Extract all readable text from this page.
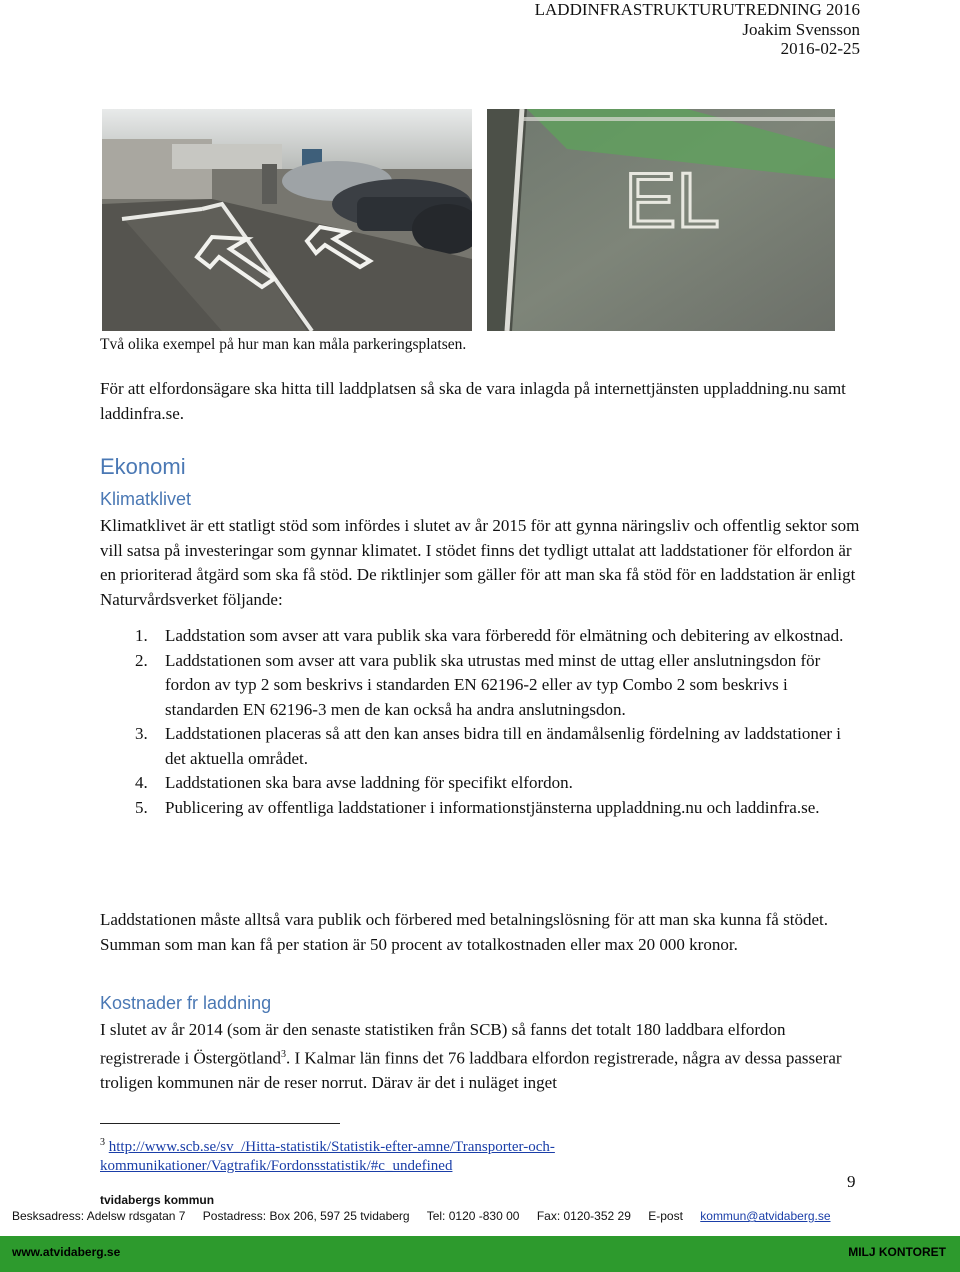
LADDINFRASTRUKTURUTREDNING 2016
Joakim Svensson
2016-02-25
EL
Två olika exempel på hur man kan måla parkeringsplatsen.

För att elfordonsägare ska hitta till laddplatsen så ska de vara inlagda på internettjänsten uppladdning.nu samt laddinfra.se.

Ekonomi
Klimatklivet

Klimatklivet är ett statligt stöd som infördes i slutet av år 2015 för att gynna näringsliv och offentlig sektor som vill satsa på investeringar som gynnar klimatet. I stödet finns det tydligt uttalat att laddstationer för elfordon är en prioriterad åtgärd som ska få stöd. De riktlinjer som gäller för att man ska få stöd för en laddstation är enligt Naturvårdsverket följande:

1. Laddstation som avser att vara publik ska vara förberedd för elmätning och debitering av elkostnad.
2. Laddstationen som avser att vara publik ska utrustas med minst de uttag eller anslutningsdon för fordon av typ 2 som beskrivs i standarden EN 62196-2 eller av typ Combo 2 som beskrivs i standarden EN 62196-3 men de kan också ha andra anslutningsdon.
3. Laddstationen placeras så att den kan anses bidra till en ändamålsenlig fördelning av laddstationer i det aktuella området.
4. Laddstationen ska bara avse laddning för specifikt elfordon.
5. Publicering av offentliga laddstationer i informationstjänsterna uppladdning.nu och laddinfra.se.

Laddstationen måste alltså vara publik och förbered med betalningslösning för att man ska kunna få stödet. Summan som man kan få per station är 50 procent av totalkostnaden eller max 20 000 kronor.

Kostnader fr laddning

I slutet av år 2014 (som är den senaste statistiken från SCB) så fanns det totalt 180 laddbara elfordon registrerade i Östergötland$^3$. I Kalmar län finns det 76 laddbara elfordon registrerade, några av dessa passerar troligen kommunen när de reser norrut. Därav är det i nuläget inget

$^3$ http://www.scb.se/sv_/Hitta-statistik/Statistik-efter-amne/Transporter-och-kommunikationer/Vagtrafik/Fordonsstatistik/#c_undefined
9
tvidabergs kommun
Besksadress: Adelsw rdsgatan 7 Postadress: Box 206, 597 25 tvidaberg Tel: 0120 -830 00 Fax: 0120-352 29 E-post kommun@atvidaberg.se
www.atvidaberg.se	MILJ KONTORET
